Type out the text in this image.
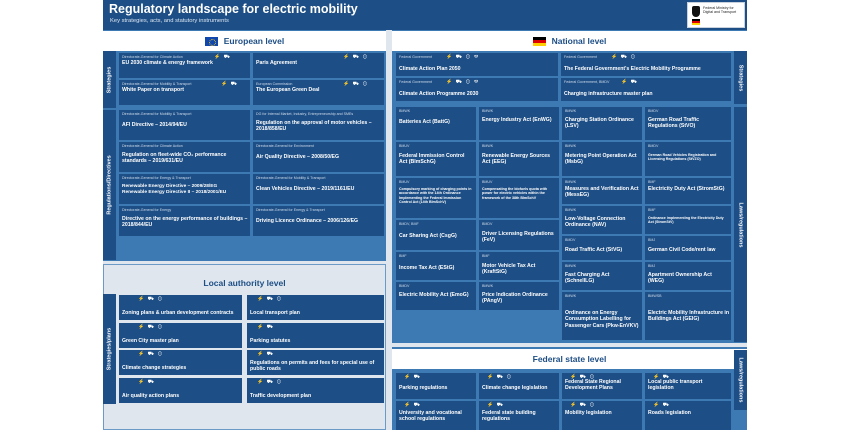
Regulatory landscape for electric mobility
Key strategies, acts, and statutory instruments
Federal Ministry for Digital and Transport
European level	National level
Local authority level
Federal state level
Strategies
Regulations/Directives
Strategies/plans
Strategies
Laws/regulations
Laws/regulations
Directorate-General for Climate Action	⚡ ⛟
EU 2030 climate & energy framework
⚡ ⛟ ⚇
Paris Agreement
Directorate-General for Mobility & Transport	⚡ ⛟
White Paper on transport
European Commission	⚡ ⛟ ⚇
The European Green Deal
Directorate-General for Mobility & Transport
AFI Directive – 2014/94/EU
DG for Internal Market, Industry, Entrepreneurship and SMEs
Regulation on the approval of motor vehicles – 2018/858/EU
Directorate-General for Climate Action
Regulation on fleet-wide CO₂ performance standards – 2019/631/EU
Directorate-General for Environment
Air Quality Directive – 2008/50/EG
Directorate-General for Energy & Transport
Renewable Energy Directive – 2009/28/EG
Renewable Energy Directive II – 2018/2001/EU
Directorate-General for Mobility & Transport
Clean Vehicles Directive – 2019/1161/EU
Directorate-General for Energy
Directive on the energy performance of buildings – 2018/844/EU
Directorate-General for Energy & Transport
Driving Licence Ordinance – 2006/126/EG
Federal Government	⚡ ⛟ ⚇ ⚒
Climate Action Plan 2050
Federal Government	⚡ ⛟ ⚇
The Federal Government's Electric Mobility Programme
Federal Government	⚡ ⛟ ⚇ ⚒
Climate Action Programme 2030
Federal Government, BMDV ⚡ ⛟
Charging infrastructure master plan
BMWK
Batteries Act (BattG)
BMWK
Energy Industry Act (EnWG)
BMWK
Charging Station Ordinance (LSV)
BMDV
German Road Traffic Regulations (StVO)
BMUV
Federal Immission Control Act (BImSchG)
BMWK
Renewable Energy Sources Act (EEG)
BMWK
Metering Point Operation Act (MsbG)
BMDV
German Road Vehicles Registration and Licensing Regulations (StVZO)
BMUV
Compulsory marking of charging points in accordance with the 14th Ordinance Implementing the Federal Immission Control Act (14th BImSchV)
BMUV
Compensating the biofuels quota with power for electric vehicles within the framework of the 38th BImSchV
BMWK
Measures and Verification Act (MessEG)
BMF
Electricity Duty Act (StromStG)
BMWK
Low-Voltage Connection Ordinance (NAV)
BMF
Ordinance implementing the Electricity Duty Act (StromStV)
BMDV, BMF
Car Sharing Act (CsgG)
BMDV
Driver Licensing Regulations (FeV)	BMDV
Road Traffic Act (StVG)
BMJ
German Civil Code/rent law
BMF
Income Tax Act (EStG)
BMF
Motor Vehicle Tax Act (KraftStG)
BMWK
Fast Charging Act (SchnellLG)
BMJ
Apartment Ownership Act (WEG)
BMDV
Electric Mobility Act (EmoG)
BMWK
Price Indication Ordinance (PAngV)
BMWK
Ordinance on Energy Consumption Labelling for Passenger Cars (Pkw-EnVKV)
BMWSB
Electric Mobility Infrastructure in Buildings Act (GEIG)
⚡ ⛟ ⚇
Zoning plans & urban development contracts
⚡ ⛟ ⚇
Local transport plan
⚡ ⛟ ⚇
Green City master plan
⚡ ⛟
Parking statutes
⚡ ⛟ ⚇
Climate change strategies
⚡ ⛟
Regulations on permits and fees for special use of public roads
⚡ ⛟
Air quality action plans
⚡ ⛟ ⚇
Traffic development plan
⚡ ⛟
Parking regulations
⚡ ⛟ ⚇
Climate change legislation
⚡ ⛟ ⚇
Federal State Regional Development Plans
⚡ ⛟
Local public transport legislation
⚡ ⛟
University and vocational school regulations
⚡ ⛟
Federal state building regulations
⚡ ⛟ ⚇
Mobility legislation
⚡ ⛟
Roads legislation
